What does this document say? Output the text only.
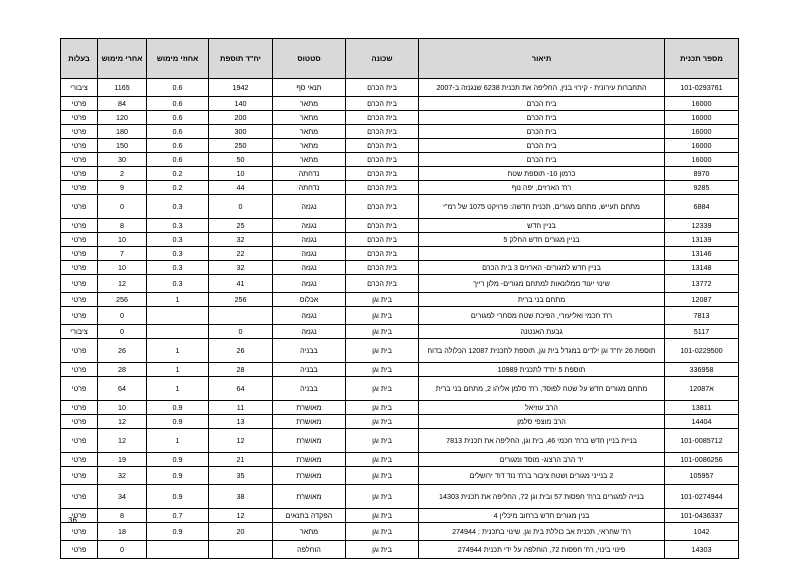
מספר תכנית	תיאור	שכונה	סטטוס	יח"ד תוספת	אחוזי מימוש	אחרי מימוש	בעלות
101-0293761	התחברות עירונית - קירוי בנין, החליפה את תכנית 6238 שנגנזה ב-2007	בית הכרם	תנאי סף	1942	0.6	1165	ציבורי
16000	בית הכרם	בית הכרם	מתאר	140	0.6	84	פרטי
16000	בית הכרם	בית הכרם	מתאר	200	0.6	120	פרטי
16000	בית הכרם	בית הכרם	מתאר	300	0.6	180	פרטי
16000	בית הכרם	בית הכרם	מתאר	250	0.6	150	פרטי
16000	בית הכרם	בית הכרם	מתאר	50	0.6	30	פרטי
8970	כרמון 10- תוספת שטח	בית הכרם	נדחתה	10	0.2	2	פרטי
9285	רח' הארזים, יפה נוף	בית הכרם	נדחתה	44	0.2	9	פרטי
6884	מתחם תעייש, מתחם מגורים, תכנית חדשה: פרויקט 1075 של רמ"י	בית הכרם	נגנזה	0	0.3	0	פרטי
12339	בניין חדש	בית הכרם	נגנזה	25	0.3	8	פרטי
13139	בניין מגורים חדש החלק 5	בית הכרם	נגנזה	32	0.3	10	פרטי
13146		בית הכרם	נגנזה	22	0.3	7	פרטי
13148	בניין חדש למגורים- הארזים 3 בית הכרם	בית הכרם	נגנזה	32	0.3	10	פרטי
13772	שינוי יעוד ממלונאות למתחם מגורים- מלון רייך	בית הכרם	נגנזה	41	0.3	12	פרטי
12087	מתחם בני ברית	בית וגן	אכלוס	256	1	256	פרטי
7813	רח' חכמי ואליעזרי, הפיכת שטח מסחרי למגורים	בית וגן	נגנזה			0	פרטי
5117	גבעת האנטנה	בית וגן	נגנזה	0		0	ציבורי
101-0229500	תוספת 26 יח"ד וגן ילדים במגדל בית וגן, תוספת לתכנית 12087 הכלולה בדוח	בית וגן	בבניה	26	1	26	פרטי
336958	תוספת 5 יח"ד לתכנית 10989	בית וגן	בבניה	28	1	28	פרטי
א12087	מתחם מגורים חדש על שטח לפוסד, רח' סלמן אליהו 2, מתחם בני ברית	בית וגן	בבניה	64	1	64	פרטי
13811	הרב עוזיאל	בית וגן	מאושרת	11	0.9	10	פרטי
14404	הרב מוצפי סלמן	בית וגן	מאושרת	13	0.9	12	פרטי
101-0085712	בניית בניין חדש ברח' חכמי 46, בית וגן, החליפה את תכנית 7813	בית וגן	מאושרת	12	1	12	פרטי
101-0086256	יד הרב הרצוג- מוסד ומגורים	בית וגן	מאושרת	21	0.9	19	פרטי
105957	2 בנייני מגורים ושטח ציבור ברח' נוד דוד ירושלים	בית וגן	מאושרת	35	0.9	32	פרטי
101-0274944	בנייה למגורים ברח' חפסות 57 ובית וגן 72, החליפה את תכנית 14303	בית וגן	מאושרת	38	0.9	34	פרטי
101-0436337	בנין מגורים חדש ברחוב מיכלין 4	בית וגן	הפקדה בתנאים	12	0.7	8	פרטי
1042	רח' שחראי, תכנית אב כוללת בית וגן. שינוי בתכנית : 274944	בית וגן	מתאר	20	0.9	18	פרטי
14303	פינוי בינוי, רח' חפסות 72, הוחלפה על ידי תכנית 274944	בית וגן	הוחלפה			0	פרטי
36
